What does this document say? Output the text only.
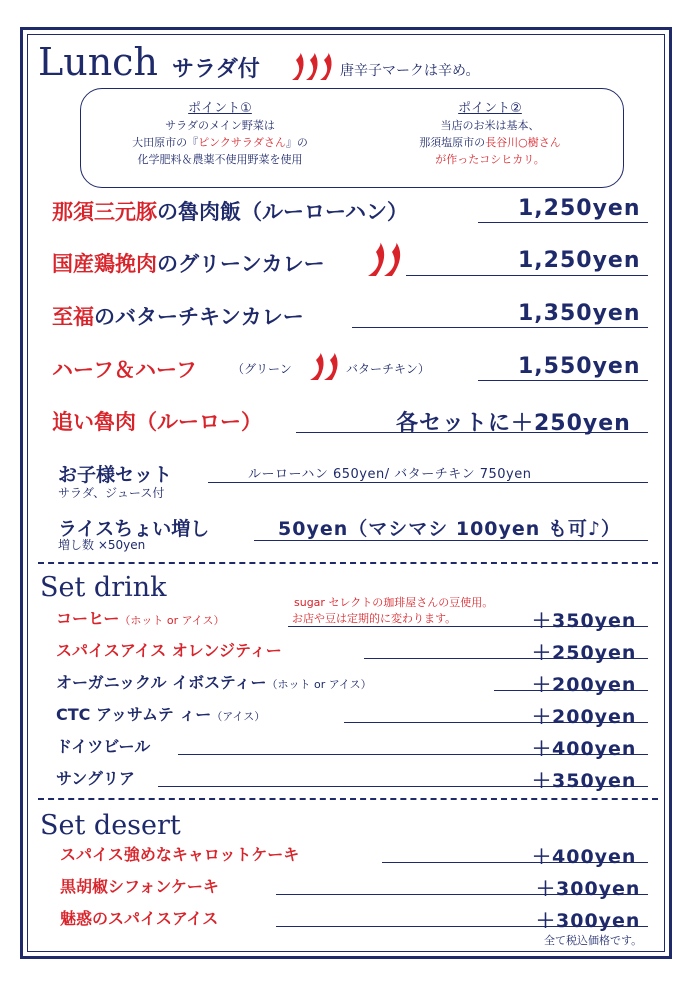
Lunch サラダ付	唐辛子マークは辛め。
ポイント①
サラダのメイン野菜は
大田原市の『ピンクサラダさん』の
化学肥料＆農薬不使用野菜を使用
ポイント②
当店のお米は基本、
那須塩原市の長谷川○樹さん
が作ったコシヒカリ。
那須三元豚の魯肉飯（ルーローハン）	1,250yen
国産鶏挽肉のグリーンカレー	1,250yen
至福のバターチキンカレー	1,350yen
ハーフ＆ハーフ	（グリーン	バターチキン）	1,550yen
追い魯肉（ルーロー）	各セットに＋250yen
お子様セット
サラダ、ジュース付
ルーローハン 650yen/ バターチキン 750yen
ライスちょい増し
増し数 ×50yen
50yen（マシマシ 100yen も可♪）
Set drink	sugar セレクトの珈琲屋さんの豆使用。
お店や豆は定期的に変わります。
コーヒー（ホット or アイス）	＋350yen
スパイスアイス オレンジティー	＋250yen
オーガニックル イボスティー（ホット or アイス）	＋200yen
CTC アッサムテ ィー（アイス）	＋200yen
ドイツビール	＋400yen
サングリア	＋350yen
Set desert
スパイス強めなキャロットケーキ	＋400yen
黒胡椒シフォンケーキ	＋300yen
魅惑のスパイスアイス	＋300yen
全て税込価格です。
